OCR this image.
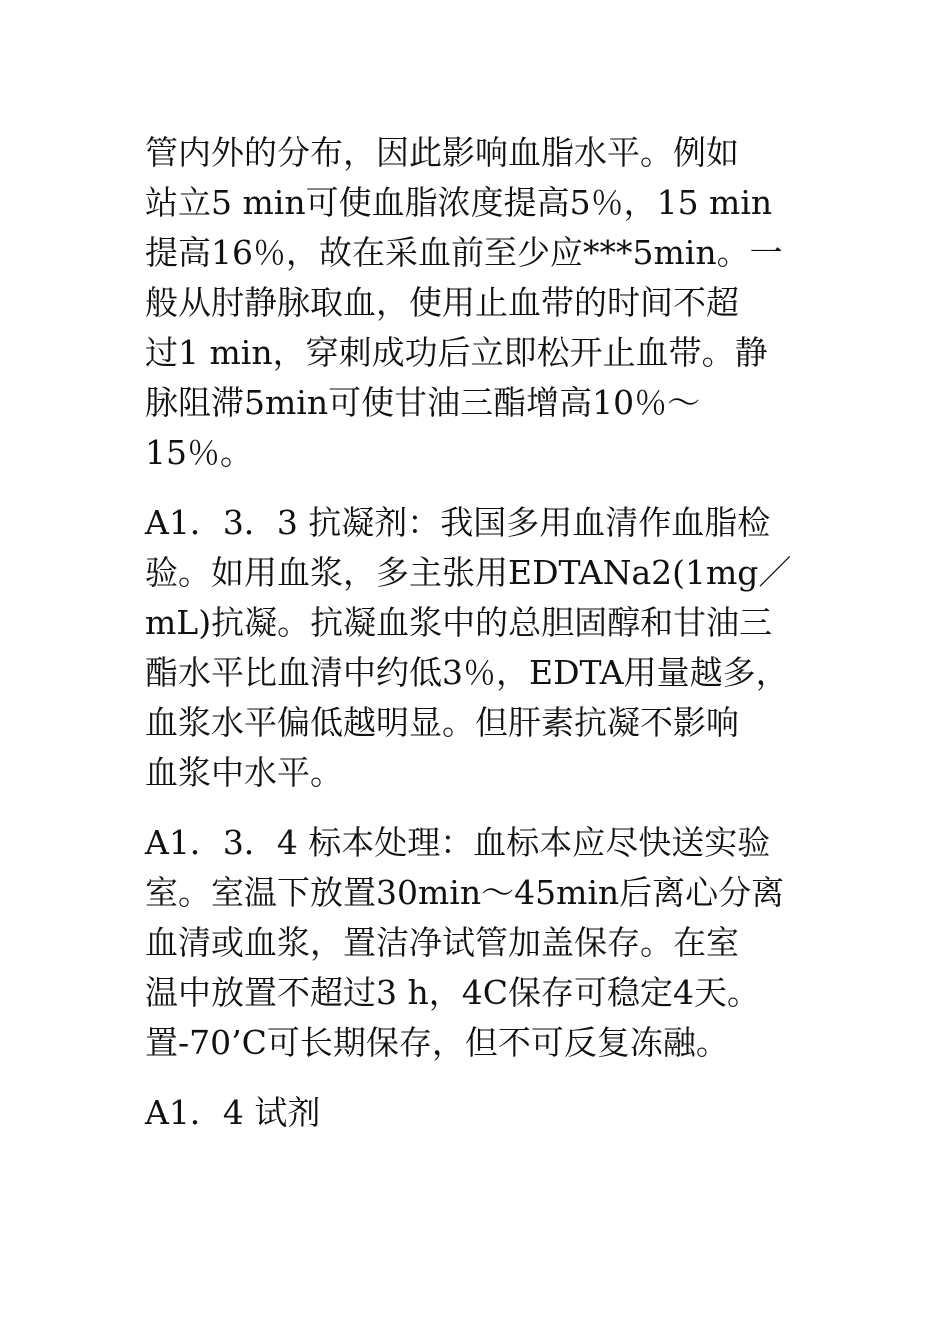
管内外的分布，因此影响血脂水平。例如
站立5 min可使血脂浓度提高5％，15 min
提高16％，故在采血前至少应***5min。一
般从肘静脉取血，使用止血带的时间不超
过1 min，穿刺成功后立即松开止血带。静
脉阻滞5min可使甘油三酯增高10％～
15％。
A1．3．3 抗凝剂：我国多用血清作血脂检
验。如用血浆，多主张用EDTANa2(1mg／
mL)抗凝。抗凝血浆中的总胆固醇和甘油三
酯水平比血清中约低3％，EDTA用量越多，
血浆水平偏低越明显。但肝素抗凝不影响
血浆中水平。
A1．3．4 标本处理：血标本应尽快送实验
室。室温下放置30min～45min后离心分离
血清或血浆，置洁净试管加盖保存。在室
温中放置不超过3 h，4C保存可稳定4天。
置-70’C可长期保存，但不可反复冻融。
A1．4 试剂
